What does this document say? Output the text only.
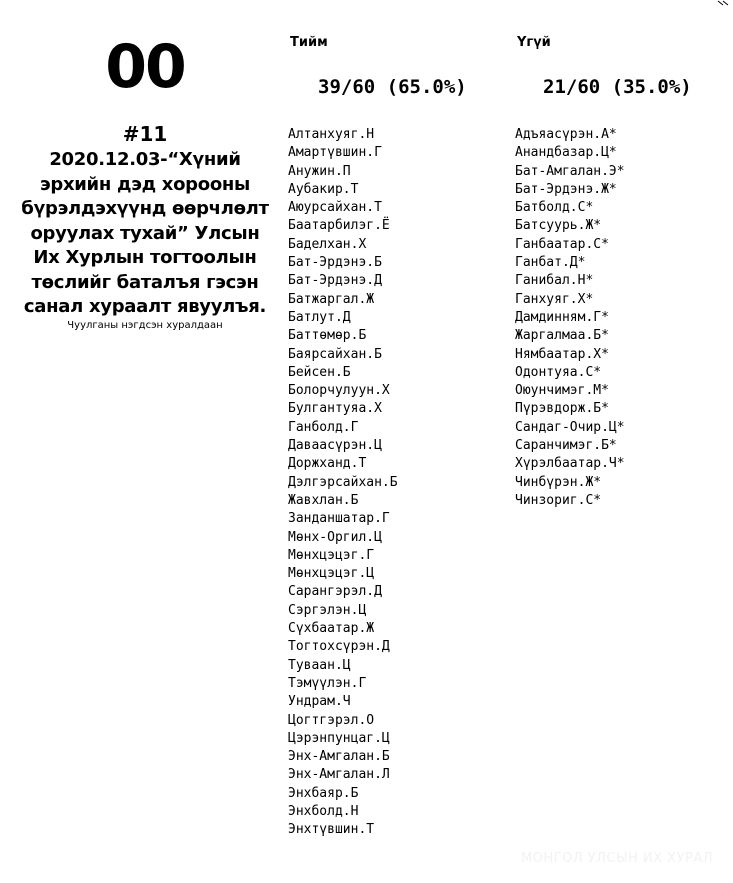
00
#11
2020.12.03-“Хүний эрхийн дэд хорооны бүрэлдэхүүнд өөрчлөлт оруулах тухай” Улсын Их Хурлын тогтоолын төслийг баталъя гэсэн санал хураалт явуулъя.
Чуулганы нэгдсэн хуралдаан
Тийм
39/60 (65.0%)
Алтанхуяг.Н
Амартүвшин.Г
Анужин.П
Аубакир.Т
Аюурсайхан.Т
Баатарбилэг.Ё
Баделхан.Х
Бат-Эрдэнэ.Б
Бат-Эрдэнэ.Д
Батжаргал.Ж
Батлут.Д
Баттөмөр.Б
Баярсайхан.Б
Бейсен.Б
Болорчулуун.Х
Булгантуяа.Х
Ганболд.Г
Даваасүрэн.Ц
Доржханд.Т
Дэлгэрсайхан.Б
Жавхлан.Б
Занданшатар.Г
Мөнх-Оргил.Ц
Мөнхцэцэг.Г
Мөнхцэцэг.Ц
Сарангэрэл.Д
Сэргэлэн.Ц
Сүхбаатар.Ж
Тогтохсүрэн.Д
Туваан.Ц
Тэмүүлэн.Г
Ундрам.Ч
Цогтгэрэл.О
Цэрэнпунцаг.Ц
Энх-Амгалан.Б
Энх-Амгалан.Л
Энхбаяр.Б
Энхболд.Н
Энхтүвшин.Т
Үгүй
21/60 (35.0%)
Адъяасүрэн.А*
Анандбазар.Ц*
Бат-Амгалан.Э*
Бат-Эрдэнэ.Ж*
Батболд.С*
Батсуурь.Ж*
Ганбаатар.С*
Ганбат.Д*
Ганибал.Н*
Ганхуяг.Х*
Дамдинням.Г*
Жаргалмаа.Б*
Нямбаатар.Х*
Одонтуяа.С*
Оюунчимэг.М*
Пүрэвдорж.Б*
Сандаг-Очир.Ц*
Саранчимэг.Б*
Хүрэлбаатар.Ч*
Чинбүрэн.Ж*
Чинзориг.С*
МОНГОЛ УЛСЫН ИХ ХУРАЛ
